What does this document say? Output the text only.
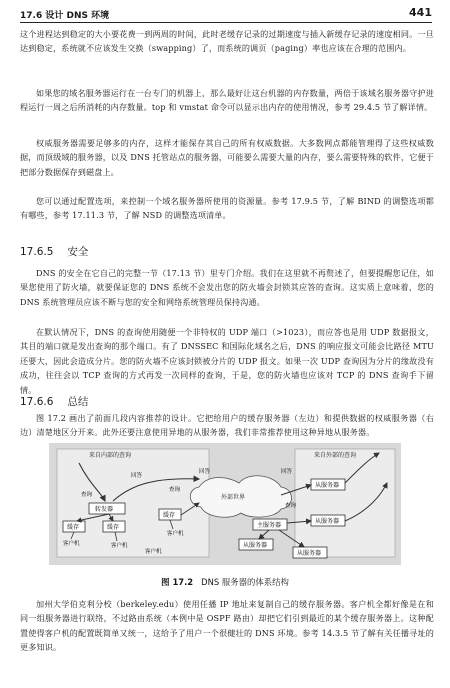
17.6 设计 DNS 环境	441
这个进程达到稳定的大小要花费一到两周的时间，此时老缓存记录的过期速度与插入新缓存记录的速度相同。一旦达到稳定，系统就不应该发生交换（swapping）了，而系统的调页（paging）率也应该在合理的范围内。
如果您的域名服务器运行在一台专门的机器上，那么最好让这台机器的内存数量，两倍于该域名服务器守护进程运行一周之后所消耗的内存数量。top 和 vmstat 命令可以显示出内存的使用情况，参考 29.4.5 节了解详情。
权威服务器需要足够多的内存，这样才能保存其自己的所有权威数据。大多数网点都能管理得了这些权威数据，而顶级域的服务器，以及 DNS 托管站点的服务器，可能要么需要大量的内存，要么需要特殊的软件，它便于把部分数据保存到磁盘上。
您可以通过配置选项，来控制一个域名服务器所使用的资源量。参考 17.9.5 节，了解 BIND 的调整选项都有哪些，参考 17.11.3 节，了解 NSD 的调整选项清单。
17.6.5 安全
DNS 的安全在它自己的完整一节（17.13 节）里专门介绍。我们在这里就不再赘述了，但要提醒您记住，如果您使用了防火墙，就要保证您的 DNS 系统不会发出您的防火墙会封锁其应答的查询。这实质上意味着，您的 DNS 系统管理员应该不断与您的安全和网络系统管理员保持沟通。
在默认情况下，DNS 的查询使用随便一个非特权的 UDP 端口（>1023），而应答也是用 UDP 数据报文，其目的端口就是发出查询的那个端口。有了 DNSSEC 和国际化域名之后，DNS 的响应报文可能会比路径 MTU 还要大，因此会造成分片。您的防火墙不应该封锁被分片的 UDP 报文。如果一次 UDP 查询因为分片的缘故没有成功，往往会以 TCP 查询的方式再发一次同样的查询，于是，您的防火墙也应该对 TCP 的 DNS 查询手下留情。
17.6.6 总结
图 17.2 画出了前面几段内容推荐的设计。它把给用户的缓存服务器（左边）和提供数据的权威服务器（右边）清楚地区分开来。此外还要注意使用异地的从服务器，我们非常推荐使用这种异地从服务器。
来自内部的查询	来自外部的查询
外部世界
转发器
查询
回答
查询
回答
缓存	缓存
缓存
客户机	客户机
客户机
客户机
主服务器
从服务器
从服务器
从服务器
从服务器
回答
查询
图 17.2 DNS 服务器的体系结构
加州大学伯克利分校（berkeley.edu）使用任播 IP 地址来复制自己的缓存服务器。客户机全都好像是在和同一组服务器进行联络，不过路由系统（本例中是 OSPF 路由）却把它们引到最近的某个缓存服务器上。这种配置使得客户机的配置既简单又统一，这给予了用户一个很健壮的 DNS 环境。参考 14.3.5 节了解有关任播寻址的更多知识。
